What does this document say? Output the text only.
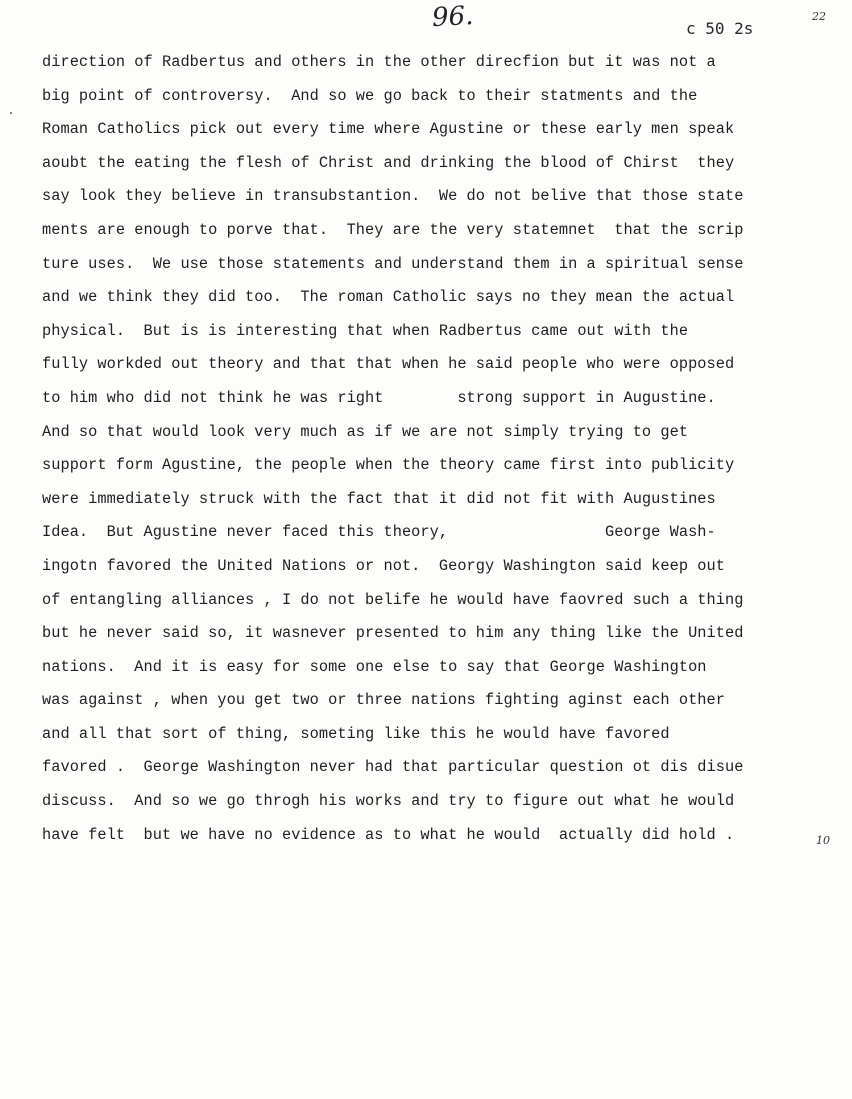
96.	c 50 2s
22
direction of Radbertus and others in the other direcfion but it was not a
big point of controversy.  And so we go back to their statments and the
Roman Catholics pick out every time where Agustine or these early men speak
aoubt the eating the flesh of Christ and drinking the blood of Chirst  they
say look they believe in transubstantion.  We do not belive that those state
ments are enough to porve that.  They are the very statemnet  that the scrip
ture uses.  We use those statements and understand them in a spiritual sense
and we think they did too.  The roman Catholic says no they mean the actual
physical.  But is is interesting that when Radbertus came out with the
fully workded out theory and that that when he said people who were opposed
to him who did not think he was right        strong support in Augustine.
And so that would look very much as if we are not simply trying to get
support form Agustine, the people when the theory came first into publicity
were immediately struck with the fact that it did not fit with Augustines
Idea.  But Agustine never faced this theory,                 George Wash-
ingotn favored the United Nations or not.  Georgy Washington said keep out
of entangling alliances , I do not belife he would have faovred such a thing
but he never said so, it wasnever presented to him any thing like the United
nations.  And it is easy for some one else to say that George Washington
was against , when you get two or three nations fighting aginst each other
and all that sort of thing, someting like this he would have favored
favored .  George Washington never had that particular question ot dis disue
discuss.  And so we go throgh his works and try to figure out what he would
have felt  but we have no evidence as to what he would  actually did hold .	10
